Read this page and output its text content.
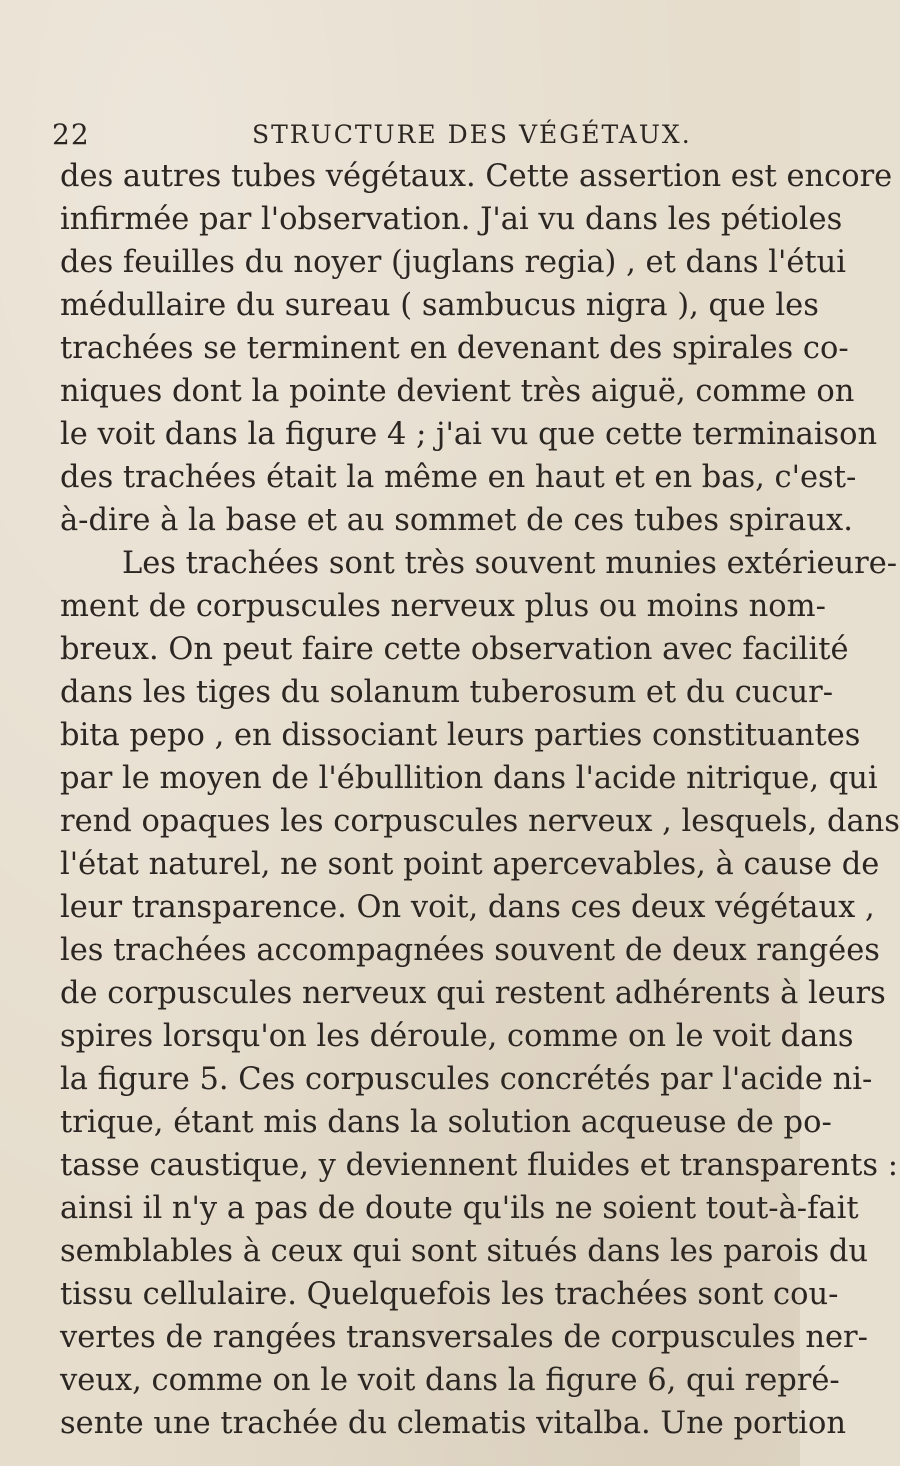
22	STRUCTURE DES VÉGÉTAUX.
des autres tubes végétaux. Cette assertion est encore
infirmée par l'observation. J'ai vu dans les pétioles
des feuilles du noyer (juglans regia) , et dans l'étui
médullaire du sureau ( sambucus nigra ), que les
trachées se terminent en devenant des spirales co-
niques dont la pointe devient très aiguë, comme on
le voit dans la figure 4 ; j'ai vu que cette terminaison
des trachées était la même en haut et en bas, c'est-
à-dire à la base et au sommet de ces tubes spiraux.
Les trachées sont très souvent munies extérieure-
ment de corpuscules nerveux plus ou moins nom-
breux. On peut faire cette observation avec facilité
dans les tiges du solanum tuberosum et du cucur-
bita pepo , en dissociant leurs parties constituantes
par le moyen de l'ébullition dans l'acide nitrique, qui
rend opaques les corpuscules nerveux , lesquels, dans
l'état naturel, ne sont point apercevables, à cause de
leur transparence. On voit, dans ces deux végétaux ,
les trachées accompagnées souvent de deux rangées
de corpuscules nerveux qui restent adhérents à leurs
spires lorsqu'on les déroule, comme on le voit dans
la figure 5. Ces corpuscules concrétés par l'acide ni-
trique, étant mis dans la solution acqueuse de po-
tasse caustique, y deviennent fluides et transparents :
ainsi il n'y a pas de doute qu'ils ne soient tout-à-fait
semblables à ceux qui sont situés dans les parois du
tissu cellulaire. Quelquefois les trachées sont cou-
vertes de rangées transversales de corpuscules ner-
veux, comme on le voit dans la figure 6, qui repré-
sente une trachée du clematis vitalba. Une portion
